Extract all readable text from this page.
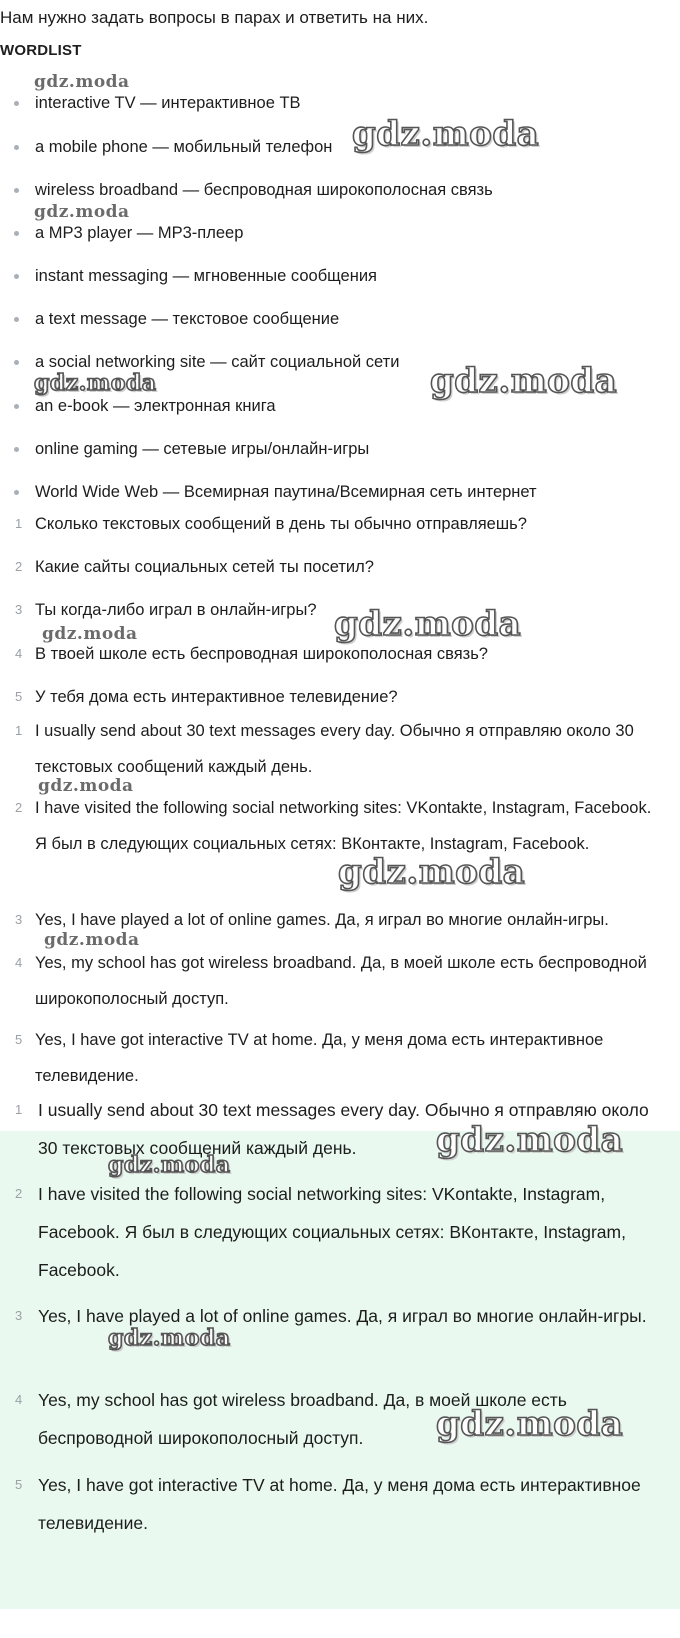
Нам нужно задать вопросы в парах и ответить на них.
WORDLIST
interactive TV — интерактивное ТВ
a mobile phone — мобильный телефон
wireless broadband — беспроводная широкополосная связь
a MP3 player — MP3-плеер
instant messaging — мгновенные сообщения
a text message — текстовое сообщение
a social networking site — сайт социальной сети
an e-book — электронная книга
online gaming — сетевые игры/онлайн-игры
World Wide Web — Всемирная паутина/Всемирная сеть интернет
1 Сколько текстовых сообщений в день ты обычно отправляешь?
2 Какие сайты социальных сетей ты посетил?
3 Ты когда-либо играл в онлайн-игры?
4 В твоей школе есть беспроводная широкополосная связь?
5 У тебя дома есть интерактивное телевидение?
1 I usually send about 30 text messages every day. Обычно я отправляю около 30 текстовых сообщений каждый день.
2 I have visited the following social networking sites: VKontakte, Instagram, Facebook. Я был в следующих социальных сетях: ВКонтакте, Instagram, Facebook.
3 Yes, I have played a lot of online games. Да, я играл во многие онлайн-игры.
4 Yes, my school has got wireless broadband. Да, в моей школе есть беспроводной широкополосный доступ.
5 Yes, I have got interactive TV at home. Да, у меня дома есть интерактивное телевидение.
1 I usually send about 30 text messages every day. Обычно я отправляю около 30 текстовых сообщений каждый день.
2 I have visited the following social networking sites: VKontakte, Instagram, Facebook. Я был в следующих социальных сетях: ВКонтакте, Instagram, Facebook.
3 Yes, I have played a lot of online games. Да, я играл во многие онлайн-игры.
4 Yes, my school has got wireless broadband. Да, в моей школе есть беспроводной широкополосный доступ.
5 Yes, I have got interactive TV at home. Да, у меня дома есть интерактивное телевидение.
gdz.moda
gdz.moda
gdz.moda
gdz.moda	gdz.moda
gdz.moda
gdz.moda
gdz.moda
gdz.moda
gdz.moda
gdz.moda
gdz.moda
gdz.moda
gdz.moda
